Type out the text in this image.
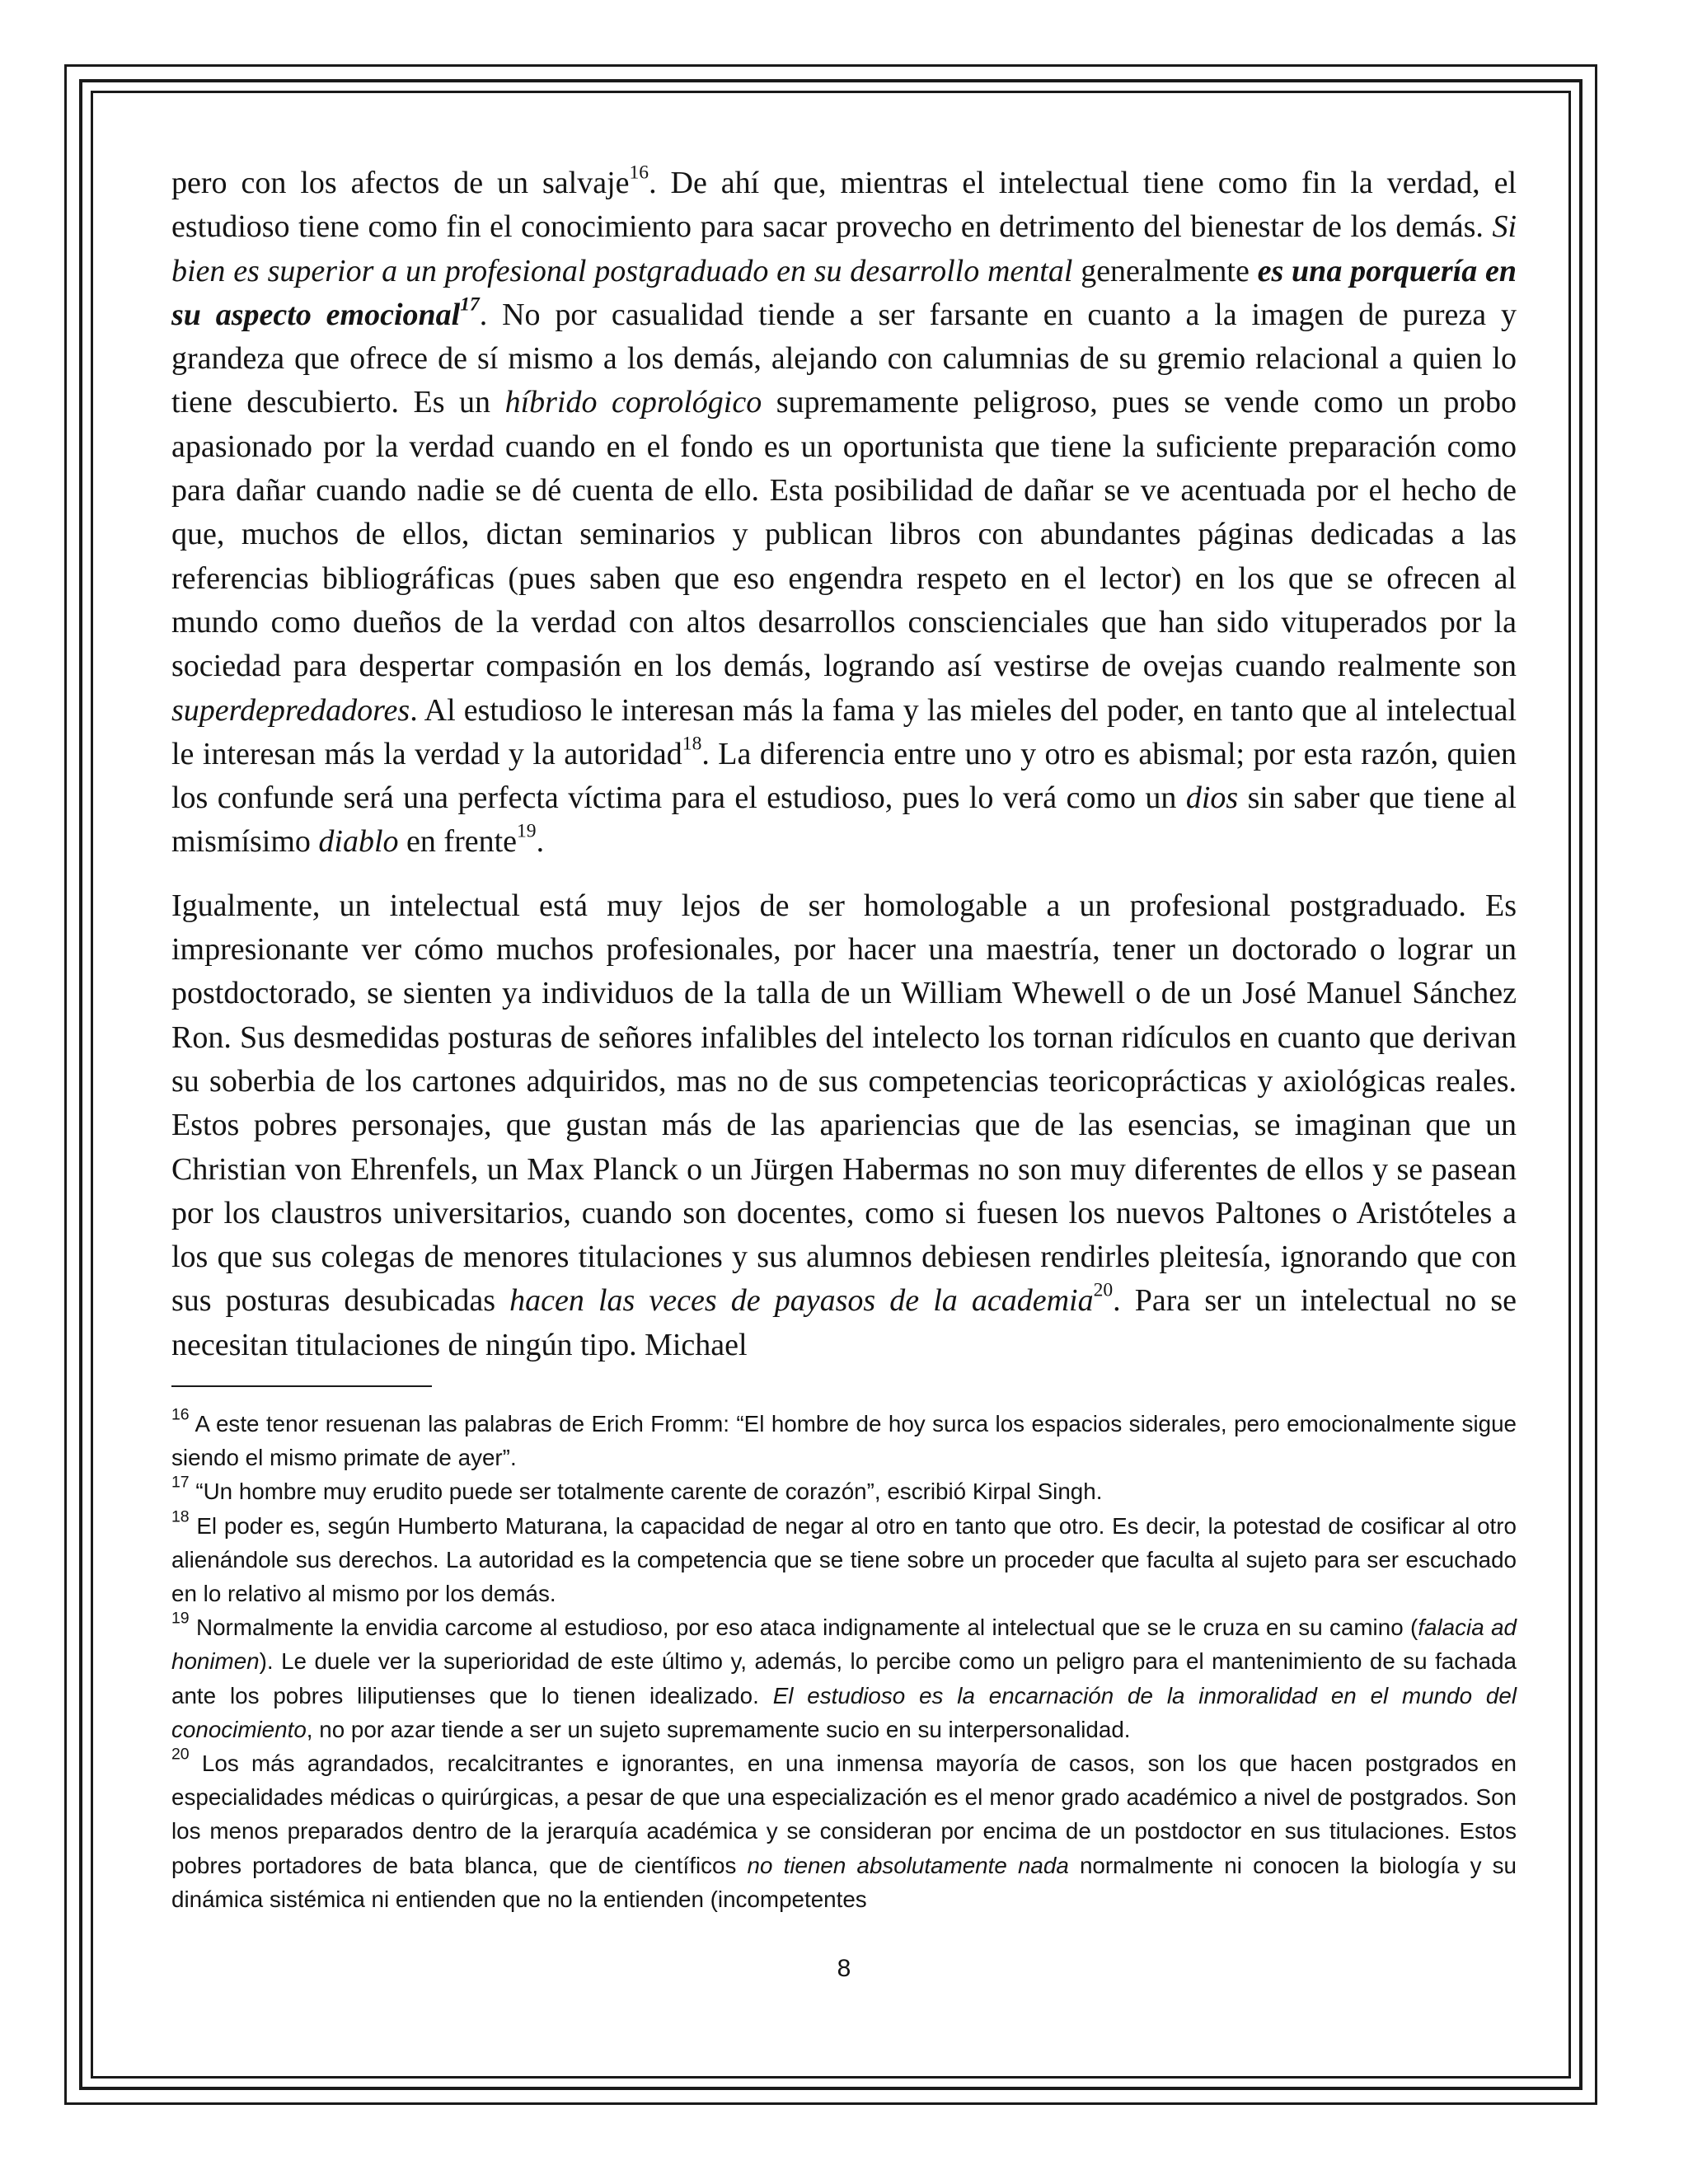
pero con los afectos de un salvaje$^{16}$. De ahí que, mientras el intelectual tiene como fin la verdad, el estudioso tiene como fin el conocimiento para sacar provecho en detrimento del bienestar de los demás. Si bien es superior a un profesional postgraduado en su desarrollo mental generalmente es una porquería en su aspecto emocional$^{17}$. No por casualidad tiende a ser farsante en cuanto a la imagen de pureza y grandeza que ofrece de sí mismo a los demás, alejando con calumnias de su gremio relacional a quien lo tiene descubierto. Es un híbrido coprológico supremamente peligroso, pues se vende como un probo apasionado por la verdad cuando en el fondo es un oportunista que tiene la suficiente preparación como para dañar cuando nadie se dé cuenta de ello. Esta posibilidad de dañar se ve acentuada por el hecho de que, muchos de ellos, dictan seminarios y publican libros con abundantes páginas dedicadas a las referencias bibliográficas (pues saben que eso engendra respeto en el lector) en los que se ofrecen al mundo como dueños de la verdad con altos desarrollos conscienciales que han sido vituperados por la sociedad para despertar compasión en los demás, logrando así vestirse de ovejas cuando realmente son superdepredadores. Al estudioso le interesan más la fama y las mieles del poder, en tanto que al intelectual le interesan más la verdad y la autoridad$^{18}$. La diferencia entre uno y otro es abismal; por esta razón, quien los confunde será una perfecta víctima para el estudioso, pues lo verá como un dios sin saber que tiene al mismísimo diablo en frente$^{19}$.

Igualmente, un intelectual está muy lejos de ser homologable a un profesional postgraduado. Es impresionante ver cómo muchos profesionales, por hacer una maestría, tener un doctorado o lograr un postdoctorado, se sienten ya individuos de la talla de un William Whewell o de un José Manuel Sánchez Ron. Sus desmedidas posturas de señores infalibles del intelecto los tornan ridículos en cuanto que derivan su soberbia de los cartones adquiridos, mas no de sus competencias teoricoprácticas y axiológicas reales. Estos pobres personajes, que gustan más de las apariencias que de las esencias, se imaginan que un Christian von Ehrenfels, un Max Planck o un Jürgen Habermas no son muy diferentes de ellos y se pasean por los claustros universitarios, cuando son docentes, como si fuesen los nuevos Paltones o Aristóteles a los que sus colegas de menores titulaciones y sus alumnos debiesen rendirles pleitesía, ignorando que con sus posturas desubicadas hacen las veces de payasos de la academia$^{20}$. Para ser un intelectual no se necesitan titulaciones de ningún tipo. Michael

$^{16}$ A este tenor resuenan las palabras de Erich Fromm: “El hombre de hoy surca los espacios siderales, pero emocionalmente sigue siendo el mismo primate de ayer”.

$^{17}$ “Un hombre muy erudito puede ser totalmente carente de corazón”, escribió Kirpal Singh.

$^{18}$ El poder es, según Humberto Maturana, la capacidad de negar al otro en tanto que otro. Es decir, la potestad de cosificar al otro alienándole sus derechos. La autoridad es la competencia que se tiene sobre un proceder que faculta al sujeto para ser escuchado en lo relativo al mismo por los demás.

$^{19}$ Normalmente la envidia carcome al estudioso, por eso ataca indignamente al intelectual que se le cruza en su camino (falacia ad honimen). Le duele ver la superioridad de este último y, además, lo percibe como un peligro para el mantenimiento de su fachada ante los pobres liliputienses que lo tienen idealizado. El estudioso es la encarnación de la inmoralidad en el mundo del conocimiento, no por azar tiende a ser un sujeto supremamente sucio en su interpersonalidad.

$^{20}$ Los más agrandados, recalcitrantes e ignorantes, en una inmensa mayoría de casos, son los que hacen postgrados en especialidades médicas o quirúrgicas, a pesar de que una especialización es el menor grado académico a nivel de postgrados. Son los menos preparados dentro de la jerarquía académica y se consideran por encima de un postdoctor en sus titulaciones. Estos pobres portadores de bata blanca, que de científicos no tienen absolutamente nada normalmente ni conocen la biología y su dinámica sistémica ni entienden que no la entienden (incompetentes

8
